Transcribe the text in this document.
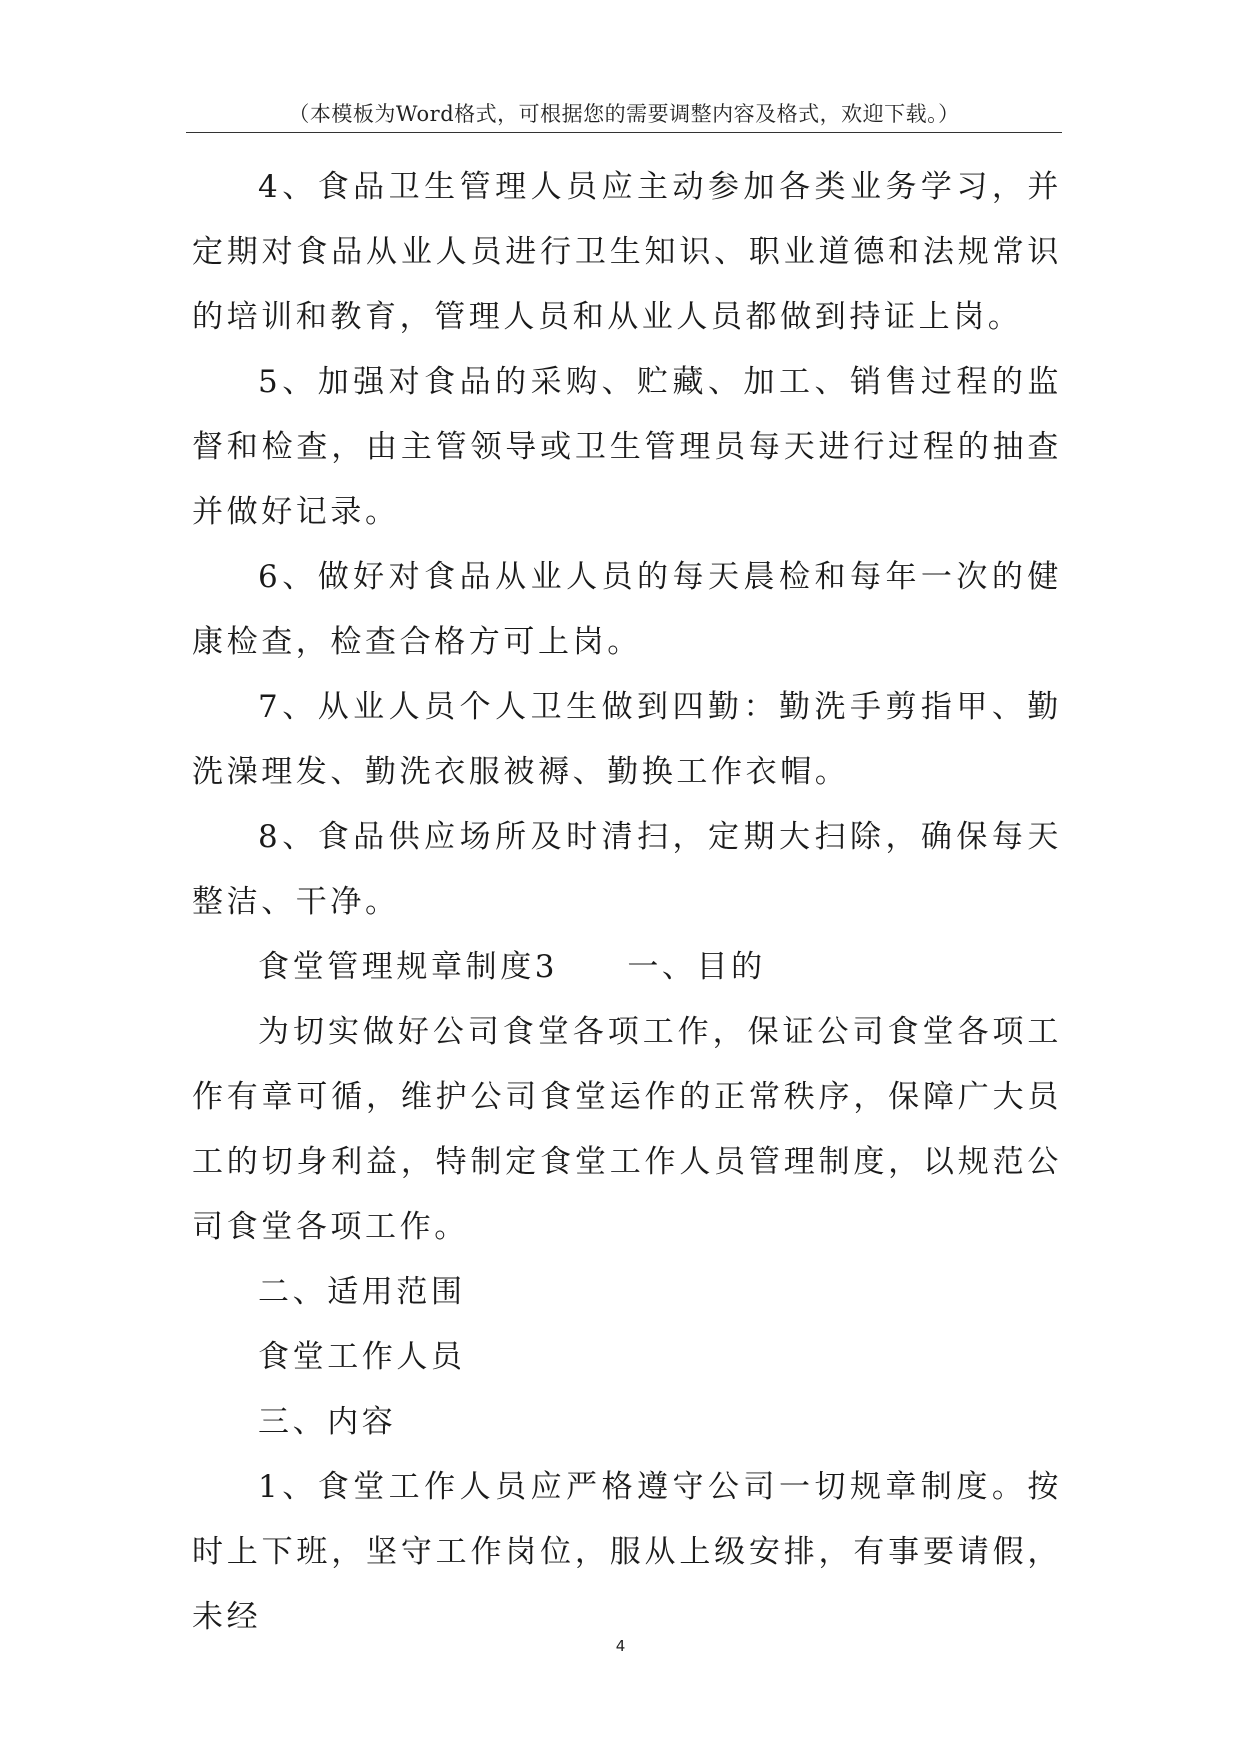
（本模板为Word格式，可根据您的需要调整内容及格式，欢迎下载。）

4、食品卫生管理人员应主动参加各类业务学习，并定期对食品从业人员进行卫生知识、职业道德和法规常识的培训和教育，管理人员和从业人员都做到持证上岗。

5、加强对食品的采购、贮藏、加工、销售过程的监督和检查，由主管领导或卫生管理员每天进行过程的抽查并做好记录。

6、做好对食品从业人员的每天晨检和每年一次的健康检查，检查合格方可上岗。

7、从业人员个人卫生做到四勤：勤洗手剪指甲、勤洗澡理发、勤洗衣服被褥、勤换工作衣帽。

8、食品供应场所及时清扫，定期大扫除，确保每天整洁、干净。

食堂管理规章制度3　　一、目的

为切实做好公司食堂各项工作，保证公司食堂各项工作有章可循，维护公司食堂运作的正常秩序，保障广大员工的切身利益，特制定食堂工作人员管理制度，以规范公司食堂各项工作。

二、适用范围

食堂工作人员

三、内容

1、食堂工作人员应严格遵守公司一切规章制度。按时上下班，坚守工作岗位，服从上级安排，有事要请假，未经

4
